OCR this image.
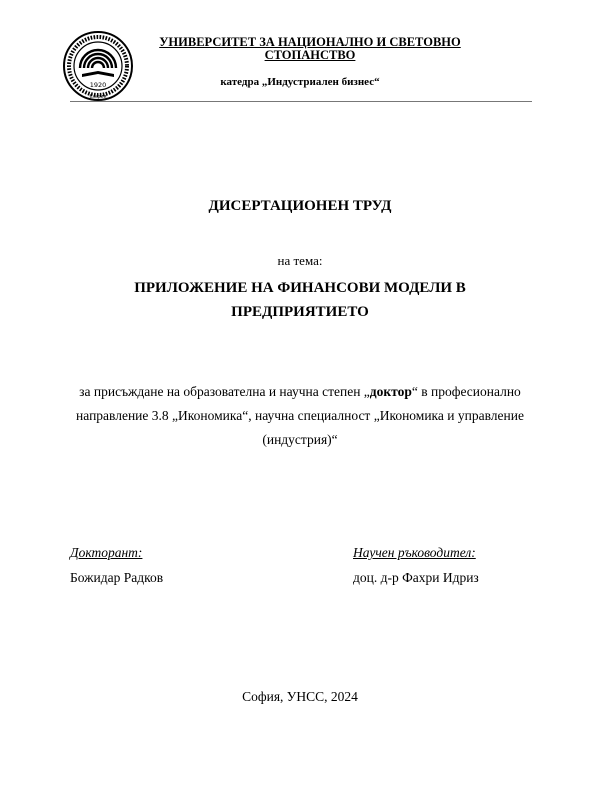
1920
София
УНИВЕРСИТЕТ ЗА НАЦИОНАЛНО И СВЕТОВНО
СТОПАНСТВО
катедра „Индустриален бизнес“
ДИСЕРТАЦИОНЕН ТРУД
на тема:
ПРИЛОЖЕНИЕ НА ФИНАНСОВИ МОДЕЛИ В
ПРЕДПРИЯТИЕТО
за присъждане на образователна и научна степен „доктор“ в професионално
направление 3.8 „Икономика“, научна специалност „Икономика и управление
(индустрия)“
Докторант:
Божидар Радков
Научен ръководител:
доц. д-р Фахри Идриз
София, УНСС, 2024
